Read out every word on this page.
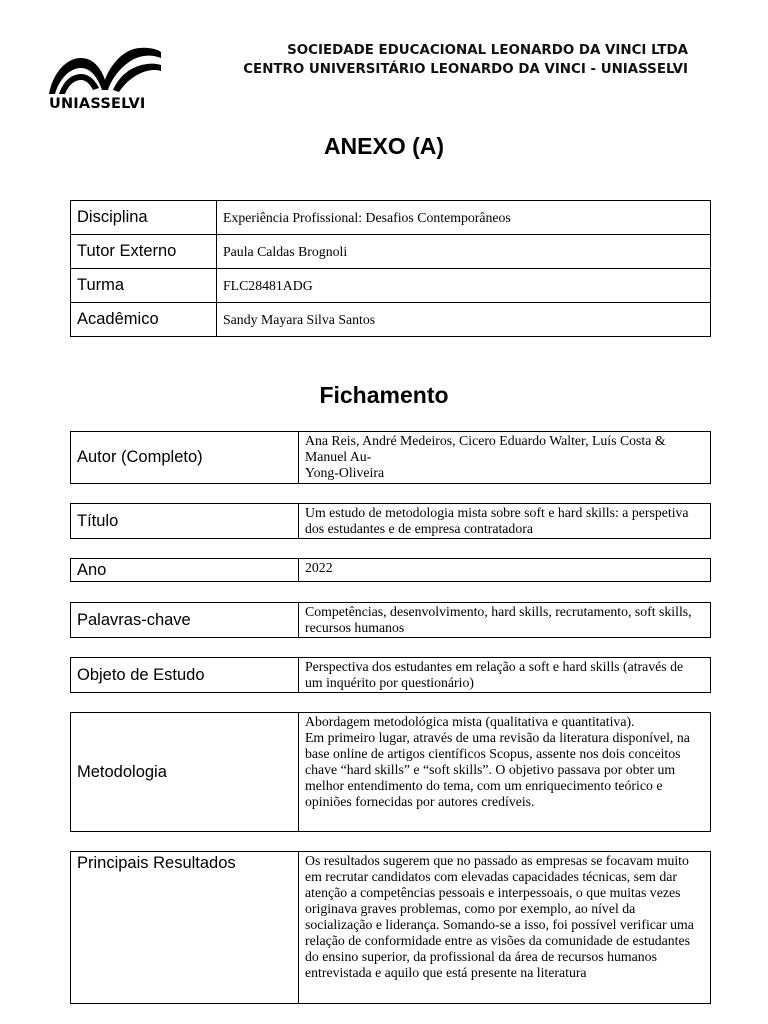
UNIASSELVI
SOCIEDADE EDUCACIONAL LEONARDO DA VINCI LTDA
CENTRO UNIVERSITÁRIO LEONARDO DA VINCI - UNIASSELVI
ANEXO (A)
Disciplina	Experiência Profissional: Desafios Contemporâneos
Tutor Externo	Paula Caldas Brognoli
Turma	FLC28481ADG
Acadêmico	Sandy Mayara Silva Santos
Fichamento
Autor (Completo)	Ana Reis, André Medeiros, Cicero Eduardo Walter, Luís Costa & Manuel Au-
Yong-Oliveira
Título	Um estudo de metodologia mista sobre soft e hard skills: a perspetiva dos estudantes e de empresa contratadora
Ano	2022
Palavras-chave	Competências, desenvolvimento, hard skills, recrutamento, soft skills, recursos humanos
Objeto de Estudo	Perspectiva dos estudantes em relação a soft e hard skills (através de um inquérito por questionário)
Metodologia	Abordagem metodológica mista (qualitativa e quantitativa).
Em primeiro lugar, através de uma revisão da literatura disponível, na base online de artigos científicos Scopus, assente nos dois conceitos chave “hard skills” e “soft skills”. O objetivo passava por obter um melhor entendimento do tema, com um enriquecimento teórico e opiniões fornecidas por autores credíveis.
Principais Resultados	Os resultados sugerem que no passado as empresas se focavam muito em recrutar candidatos com elevadas capacidades técnicas, sem dar atenção a competências pessoais e interpessoais, o que muitas vezes originava graves problemas, como por exemplo, ao nível da socialização e liderança. Somando-se a isso, foi possível verificar uma relação de conformidade entre as visões da comunidade de estudantes do ensino superior, da profissional da área de recursos humanos entrevistada e aquilo que está presente na literatura
